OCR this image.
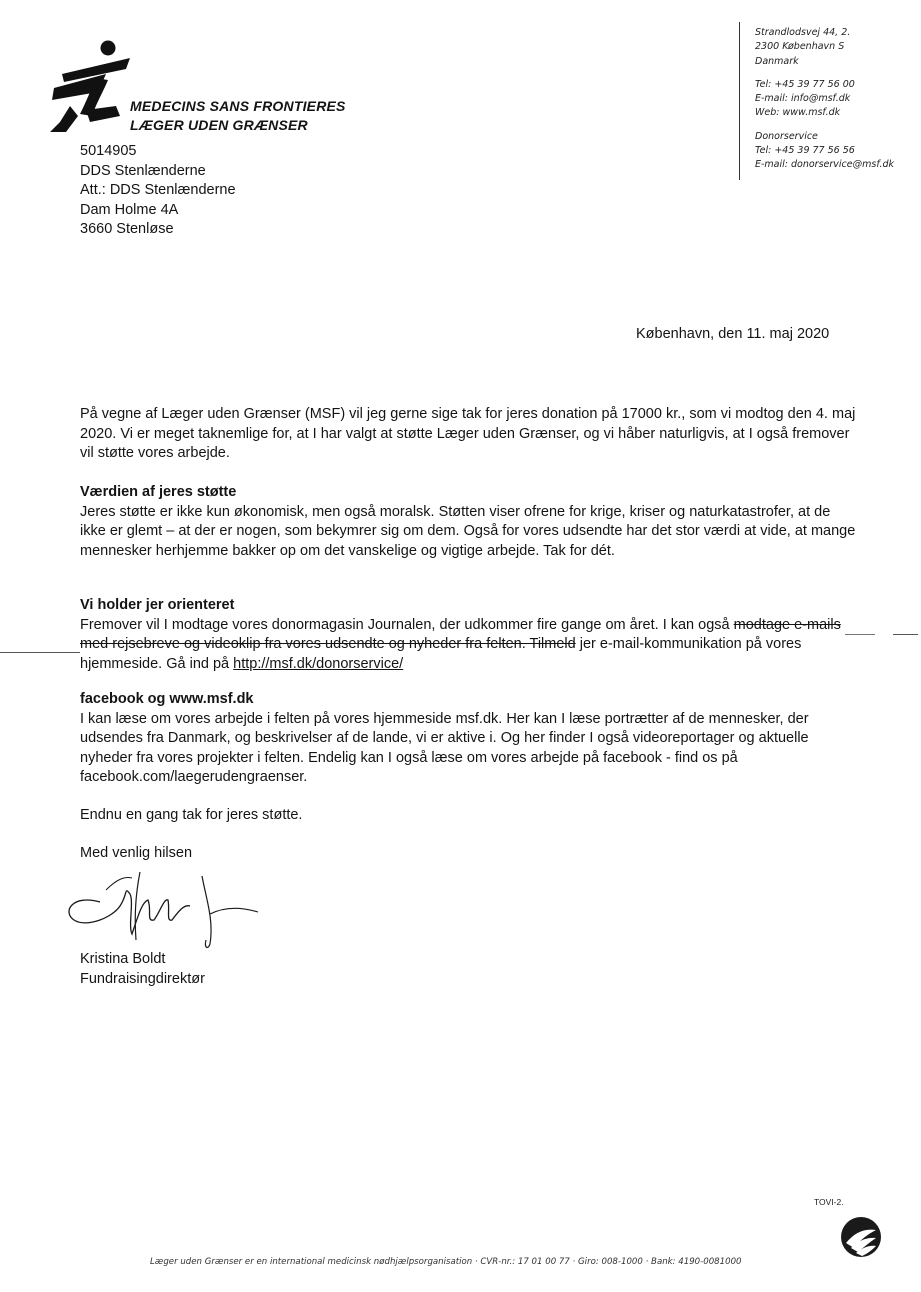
MEDECINS SANS FRONTIERES
LÆGER UDEN GRÆNSER
Strandlodsvej 44, 2.
2300 København S
Danmark
Tel: +45 39 77 56 00
E-mail: info@msf.dk
Web: www.msf.dk
Donorservice
Tel: +45 39 77 56 56
E-mail: donorservice@msf.dk
5014905
DDS Stenlænderne
Att.: DDS Stenlænderne
Dam Holme 4A
3660 Stenløse
København, den 11. maj 2020
På vegne af Læger uden Grænser (MSF) vil jeg gerne sige tak for jeres donation på 17000 kr., som vi modtog den 4. maj 2020. Vi er meget taknemlige for, at I har valgt at støtte Læger uden Grænser, og vi håber naturligvis, at I også fremover vil støtte vores arbejde.
Værdien af jeres støtte
Jeres støtte er ikke kun økonomisk, men også moralsk. Støtten viser ofrene for krige, kriser og naturkatastrofer, at de ikke er glemt – at der er nogen, som bekymrer sig om dem. Også for vores udsendte har det stor værdi at vide, at mange mennesker herhjemme bakker op om det vanskelige og vigtige arbejde. Tak for dét.
Vi holder jer orienteret
Fremover vil I modtage vores donormagasin Journalen, der udkommer fire gange om året. I kan også modtage e-mails med rejsebreve og videoklip fra vores udsendte og nyheder fra felten. Tilmeld jer e-mail-kommunikation på vores hjemmeside. Gå ind på http://msf.dk/donorservice/
facebook og www.msf.dk
I kan læse om vores arbejde i felten på vores hjemmeside msf.dk. Her kan I læse portrætter af de mennesker, der udsendes fra Danmark, og beskrivelser af de lande, vi er aktive i. Og her finder I også videoreportager og aktuelle nyheder fra vores projekter i felten. Endelig kan I også læse om vores arbejde på facebook - find os på facebook.com/laegerudengraenser.
Endnu en gang tak for jeres støtte.
Med venlig hilsen
Kristina Boldt
Fundraisingdirektør
Læger uden Grænser er en international medicinsk nødhjælpsorganisation · CVR-nr.: 17 01 00 77 · Giro: 008-1000 · Bank: 4190-0081000
TOVI-2.
